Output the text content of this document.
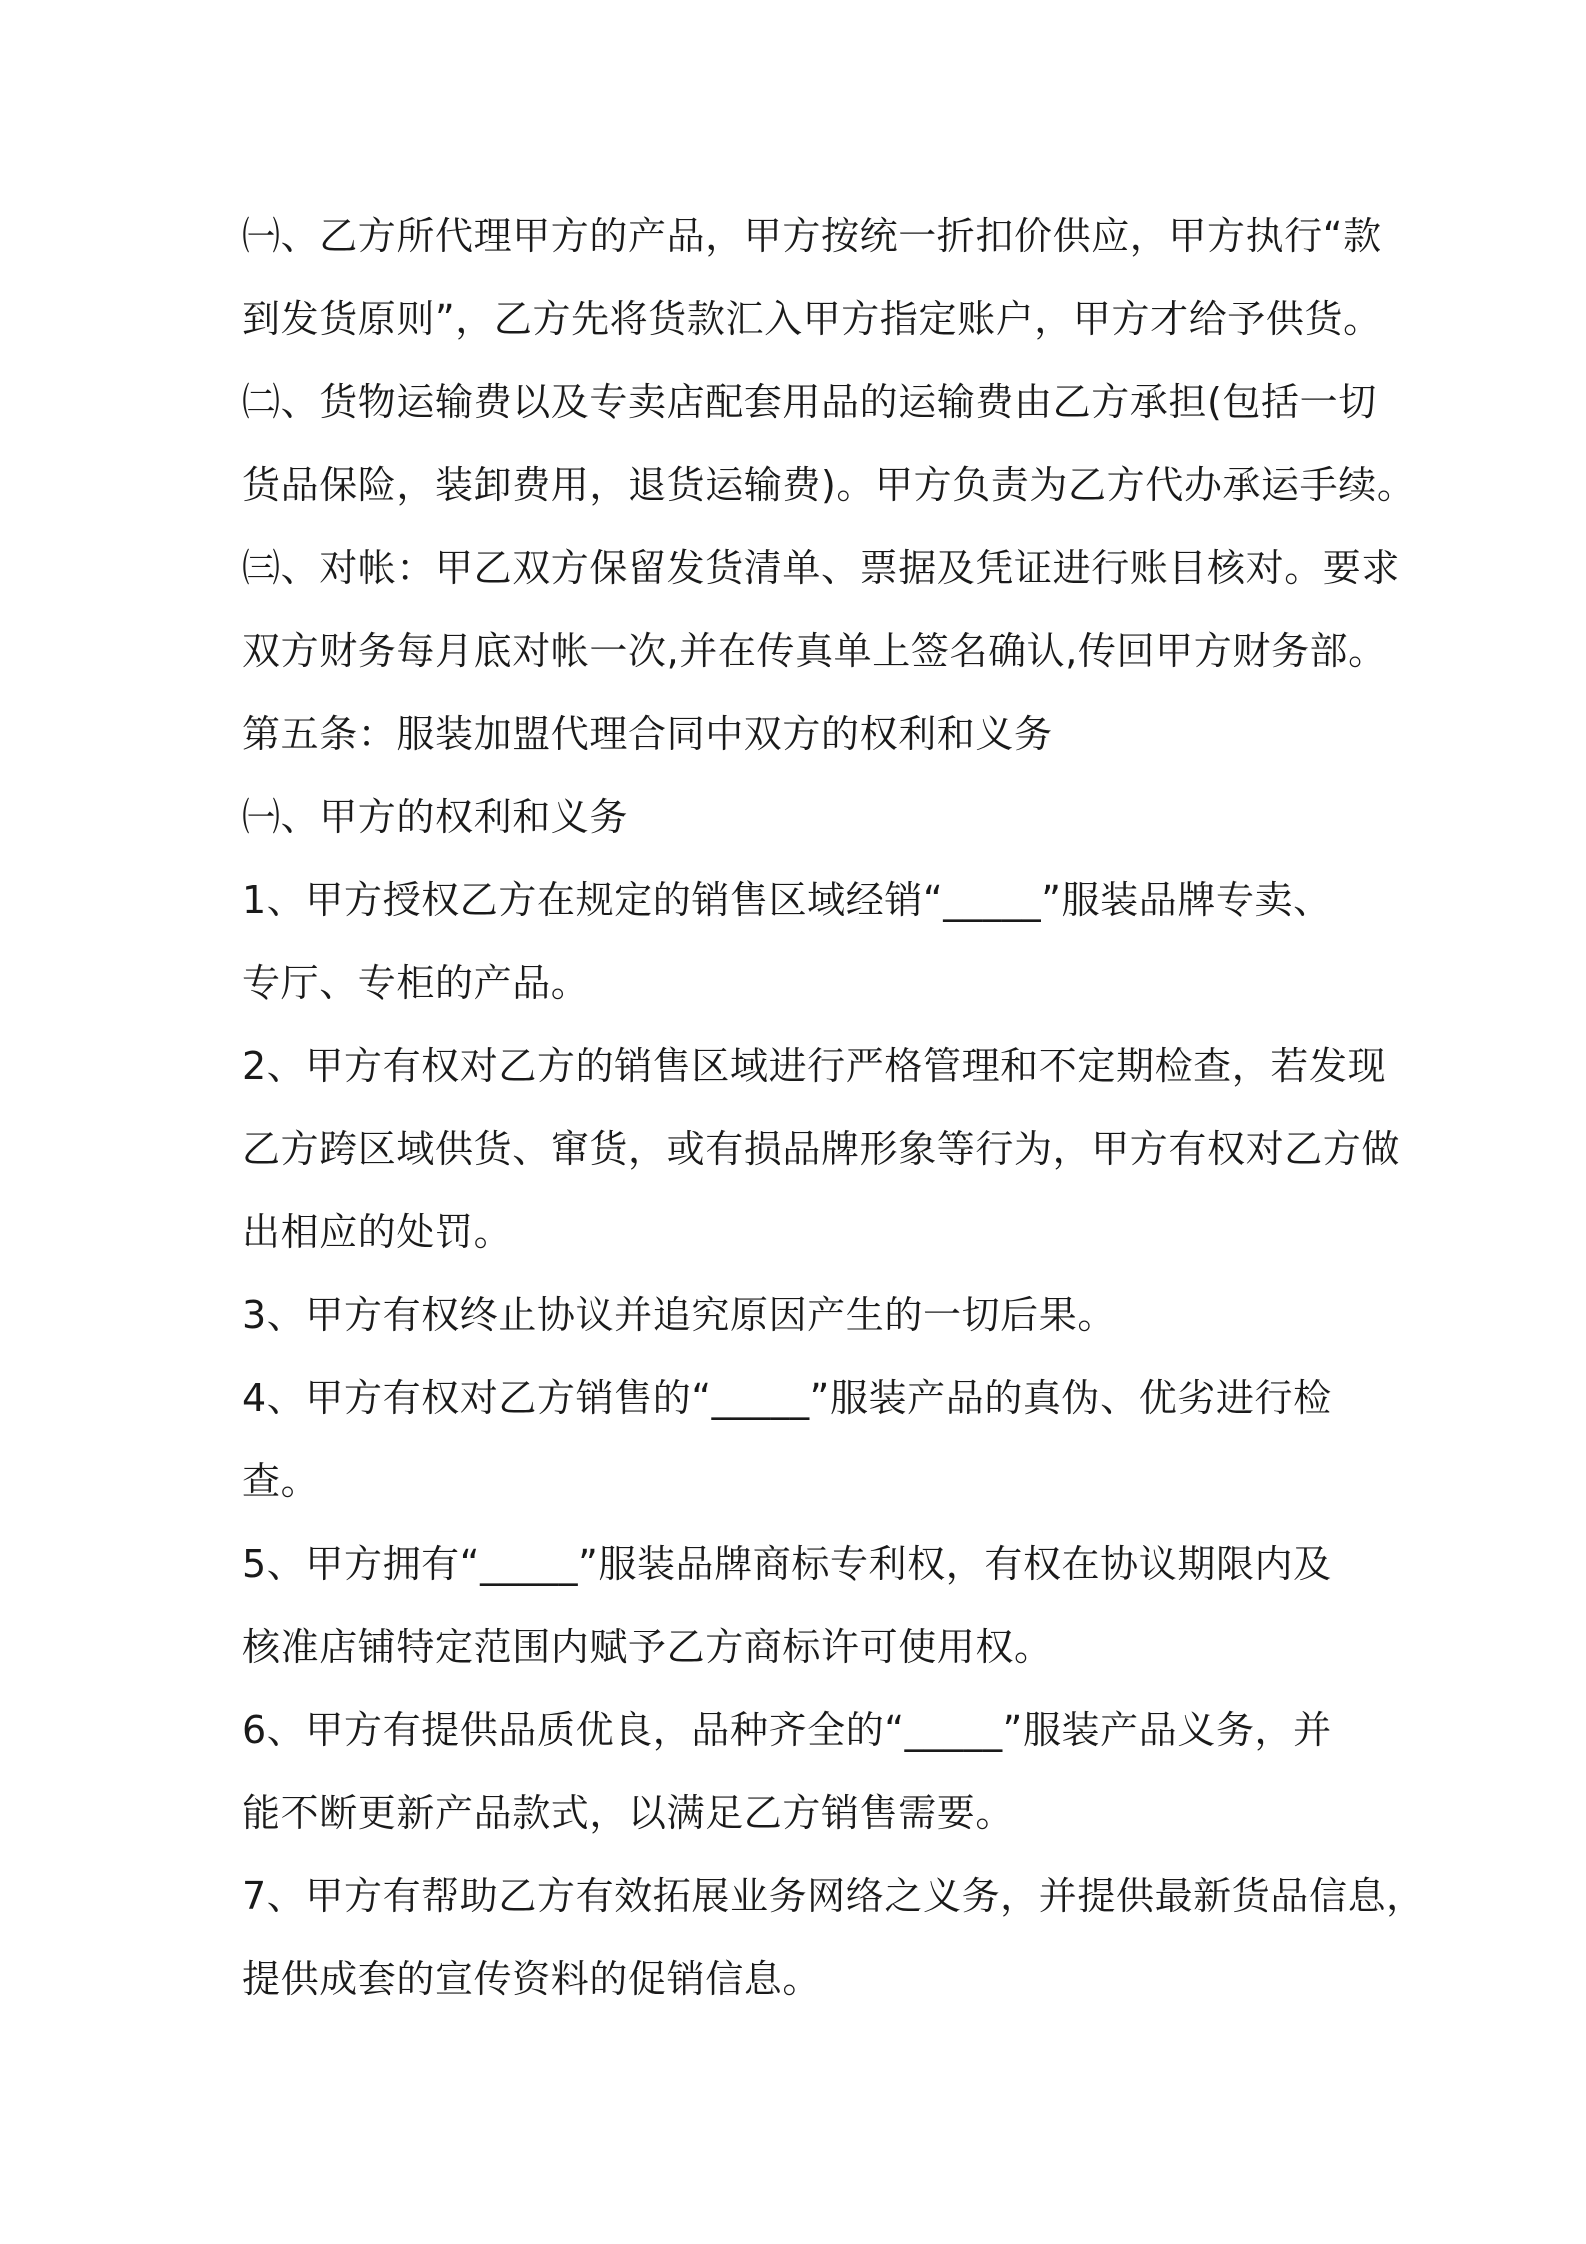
㈠、乙方所代理甲方的产品，甲方按统一折扣价供应，甲方执行“款
到发货原则”，乙方先将货款汇入甲方指定账户，甲方才给予供货。
㈡、货物运输费以及专卖店配套用品的运输费由乙方承担(包括一切
货品保险，装卸费用，退货运输费)。甲方负责为乙方代办承运手续。
㈢、对帐：甲乙双方保留发货清单、票据及凭证进行账目核对。要求
双方财务每月底对帐一次,并在传真单上签名确认,传回甲方财务部。
第五条：服装加盟代理合同中双方的权利和义务
㈠、甲方的权利和义务
1、甲方授权乙方在规定的销售区域经销“_____”服装品牌专卖、
专厅、专柜的产品。
2、甲方有权对乙方的销售区域进行严格管理和不定期检查，若发现
乙方跨区域供货、窜货，或有损品牌形象等行为，甲方有权对乙方做
出相应的处罚。
3、甲方有权终止协议并追究原因产生的一切后果。
4、甲方有权对乙方销售的“_____”服装产品的真伪、优劣进行检
查。
5、甲方拥有“_____”服装品牌商标专利权，有权在协议期限内及
核准店铺特定范围内赋予乙方商标许可使用权。
6、甲方有提供品质优良，品种齐全的“_____”服装产品义务，并
能不断更新产品款式，以满足乙方销售需要。
7、甲方有帮助乙方有效拓展业务网络之义务，并提供最新货品信息，
提供成套的宣传资料的促销信息。
